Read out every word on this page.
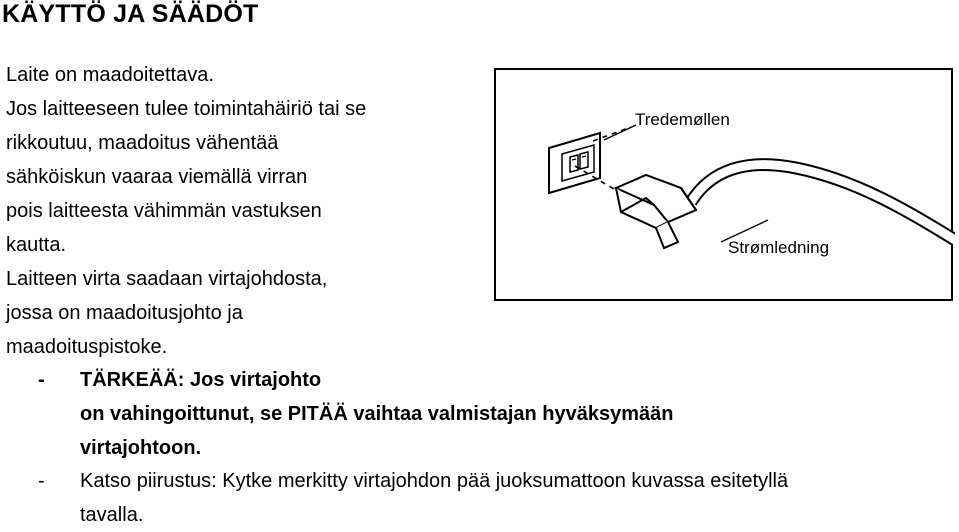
KÄYTTÖ JA SÄÄDÖT
Laite on maadoitettava.
Jos laitteeseen tulee toimintahäiriö tai se
rikkoutuu, maadoitus vähentää
sähköiskun vaaraa viemällä virran
pois laitteesta vähimmän vastuksen
kautta.
Laitteen virta saadaan virtajohdosta,
jossa on maadoitusjohto ja
maadoituspistoke.
- TÄRKEÄÄ: Jos virtajohto
on vahingoittunut, se PITÄÄ vaihtaa valmistajan hyväksymään
virtajohtoon.
- Katso piirustus: Kytke merkitty virtajohdon pää juoksumattoon kuvassa esitetyllä
tavalla.
Tredemøllen
Strømledning
